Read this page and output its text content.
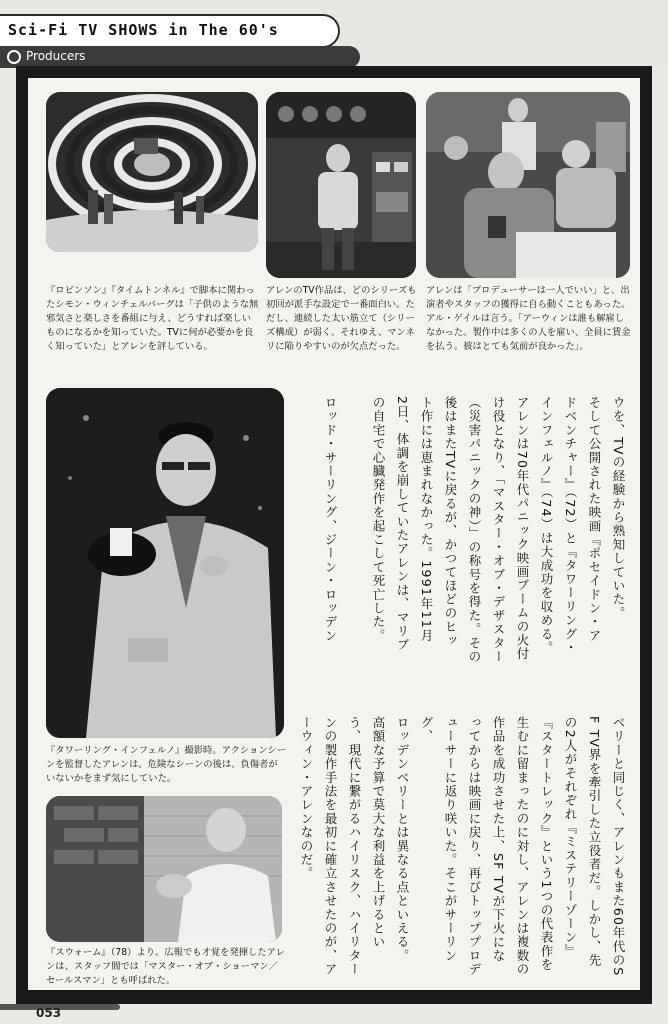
Sci-Fi TV SHOWS in The 60's
Producers
『ロビンソン』『タイムトンネル』で脚本に関わったシモン・ウィンチェルバーグは「子供のような無邪気さと楽しさを番組に与え、どうすれば楽しいものになるかを知っていた。TVに何が必要かを良く知っていた」とアレンを評している。
アレンのTV作品は、どのシリーズも初回が派手な設定で一番面白い。ただし、連続した太い筋立て（シリーズ構成）が弱く、それゆえ、マンネリに陥りやすいのが欠点だった。
アレンは「プロデューサーは一人でいい」と、出演者やスタッフの獲得に自ら動くこともあった。アル・ゲイルは言う。「アーウィンは誰も解雇しなかった。製作中は多くの人を雇い、全員に賃金を払う。彼はとても気前が良かった」。
『タワーリング・インフェルノ』撮影時。アクションシーンを監督したアレンは、危険なシーンの後は、負傷者がいないかをまず気にしていた。
『スウォーム』（78）より。広報でも才覚を発揮したアレンは、スタッフ間では「マスター・オブ・ショーマン／セールスマン」とも呼ばれた。
ウを、TVの経験から熟知していた。
そして公開された映画『ポセイドン・ア
ドベンチャー』（72）と『タワーリング・
インフェルノ』（74）は大成功を収める。
アレンは70年代パニック映画ブームの火付
け役となり、「マスター・オブ・デザスター
（災害パニックの神）」の称号を得た。その
後はまたTVに戻るが、かつてほどのヒッ
ト作には恵まれなかった。1991年11月
2日、体調を崩していたアレンは、マリブ
の自宅で心臓発作を起こして死亡した。

ロッド・サーリング、ジーン・ロッデン
ベリーと同じく、アレンもまた60年代のS
F TV界を牽引した立役者だ。しかし、先
の2人がそれぞれ『ミステリーゾーン』
『スタートレック』という1つの代表作を
生むに留まったのに対し、アレンは複数の
作品を成功させた上、SF TVが下火にな
ってからは映画に戻り、再びトッププロデ
ューサーに返り咲いた。そこがサーリング、
ロッデンベリーとは異なる点といえる。
高額な予算で莫大な利益を上げるとい
う、現代に繋がるハイリスク、ハイリター
ンの製作手法を最初に確立させたのが、ア
ーウィン・アレンなのだ。
053
